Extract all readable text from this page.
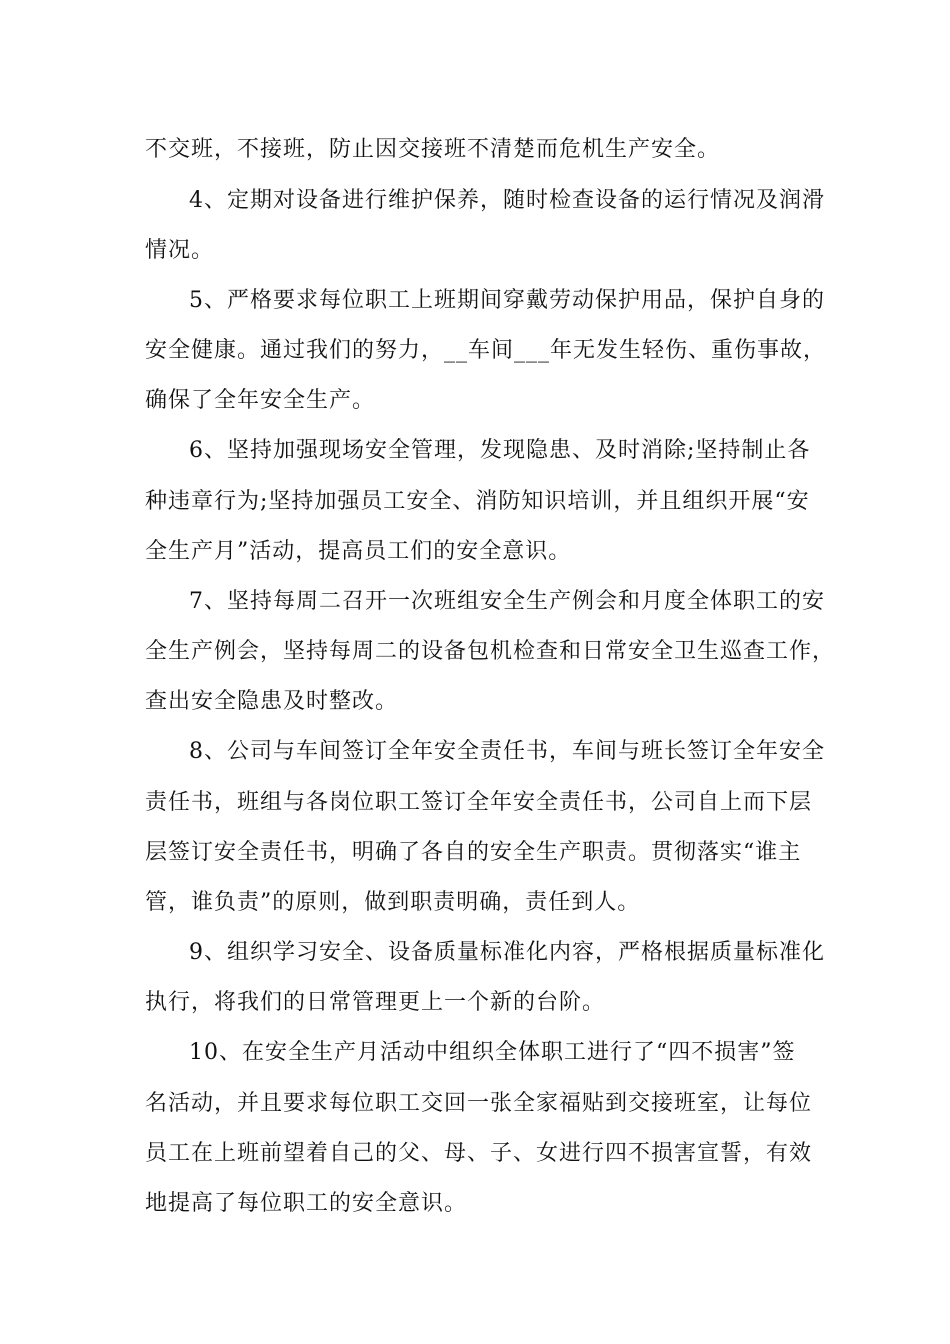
不交班，不接班，防止因交接班不清楚而危机生产安全。
4、定期对设备进行维护保养，随时检查设备的运行情况及润滑
情况。
5、严格要求每位职工上班期间穿戴劳动保护用品，保护自身的
安全健康。通过我们的努力，__车间___年无发生轻伤、重伤事故，
确保了全年安全生产。
6、坚持加强现场安全管理，发现隐患、及时消除;坚持制止各
种违章行为;坚持加强员工安全、消防知识培训，并且组织开展“安
全生产月”活动，提高员工们的安全意识。
7、坚持每周二召开一次班组安全生产例会和月度全体职工的安
全生产例会，坚持每周二的设备包机检查和日常安全卫生巡查工作，
查出安全隐患及时整改。
8、公司与车间签订全年安全责任书，车间与班长签订全年安全
责任书，班组与各岗位职工签订全年安全责任书，公司自上而下层
层签订安全责任书，明确了各自的安全生产职责。贯彻落实“谁主
管，谁负责”的原则，做到职责明确，责任到人。
9、组织学习安全、设备质量标准化内容，严格根据质量标准化
执行，将我们的日常管理更上一个新的台阶。
10、在安全生产月活动中组织全体职工进行了“四不损害”签
名活动，并且要求每位职工交回一张全家福贴到交接班室，让每位
员工在上班前望着自己的父、母、子、女进行四不损害宣誓，有效
地提高了每位职工的安全意识。
